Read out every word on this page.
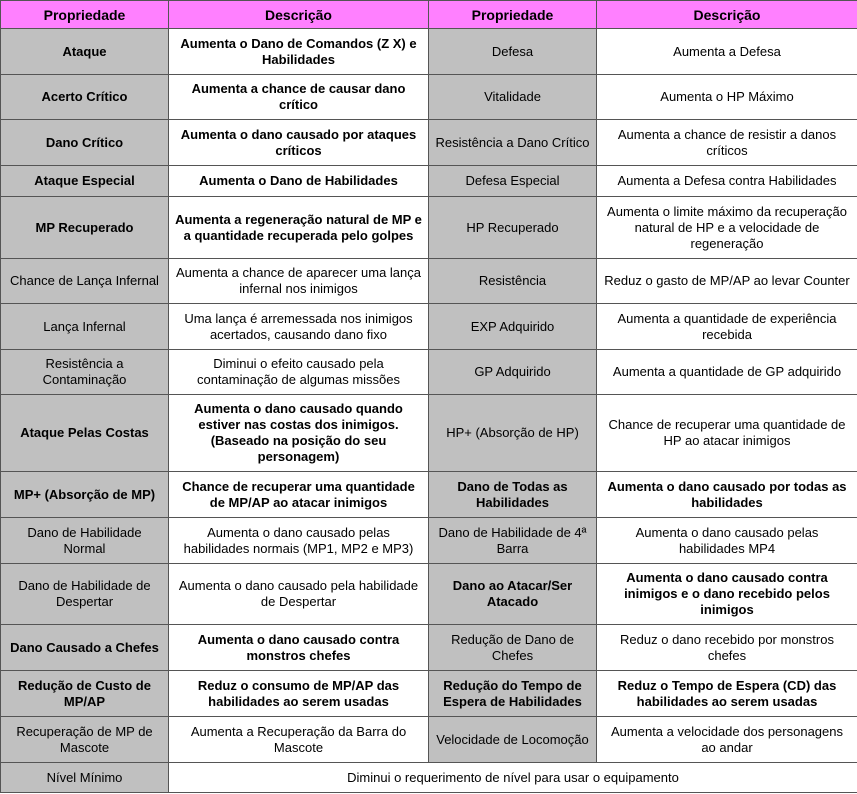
Propriedade	Descrição	Propriedade	Descrição
Ataque	Aumenta o Dano de Comandos (Z X) e Habilidades	Defesa	Aumenta a Defesa
Acerto Crítico	Aumenta a chance de causar dano crítico	Vitalidade	Aumenta o HP Máximo
Dano Crítico	Aumenta o dano causado por ataques críticos	Resistência a Dano Crítico	Aumenta a chance de resistir a danos críticos
Ataque Especial	Aumenta o Dano de Habilidades	Defesa Especial	Aumenta a Defesa contra Habilidades
MP Recuperado	Aumenta a regeneração natural de MP e a quantidade recuperada pelo golpes	HP Recuperado	Aumenta o limite máximo da recuperação natural de HP e a velocidade de regeneração
Chance de Lança Infernal	Aumenta a chance de aparecer uma lança infernal nos inimigos	Resistência	Reduz o gasto de MP/AP ao levar Counter
Lança Infernal	Uma lança é arremessada nos inimigos acertados, causando dano fixo	EXP Adquirido	Aumenta a quantidade de experiência recebida
Resistência a Contaminação	Diminui o efeito causado pela contaminação de algumas missões	GP Adquirido	Aumenta a quantidade de GP adquirido
Ataque Pelas Costas	Aumenta o dano causado quando estiver nas costas dos inimigos. (Baseado na posição do seu personagem)	HP+ (Absorção de HP)	Chance de recuperar uma quantidade de HP ao atacar inimigos
MP+ (Absorção de MP)	Chance de recuperar uma quantidade de MP/AP ao atacar inimigos	Dano de Todas as Habilidades	Aumenta o dano causado por todas as habilidades
Dano de Habilidade Normal	Aumenta o dano causado pelas habilidades normais (MP1, MP2 e MP3)	Dano de Habilidade de 4ª Barra	Aumenta o dano causado pelas habilidades MP4
Dano de Habilidade de Despertar	Aumenta o dano causado pela habilidade de Despertar	Dano ao Atacar/Ser Atacado	Aumenta o dano causado contra inimigos e o dano recebido pelos inimigos
Dano Causado a Chefes	Aumenta o dano causado contra monstros chefes	Redução de Dano de Chefes	Reduz o dano recebido por monstros chefes
Redução de Custo de MP/AP	Reduz o consumo de MP/AP das habilidades ao serem usadas	Redução do Tempo de Espera de Habilidades	Reduz o Tempo de Espera (CD) das habilidades ao serem usadas
Recuperação de MP de Mascote	Aumenta a Recuperação da Barra do Mascote	Velocidade de Locomoção	Aumenta a velocidade dos personagens ao andar
Nível Mínimo	Diminui o requerimento de nível para usar o equipamento		
